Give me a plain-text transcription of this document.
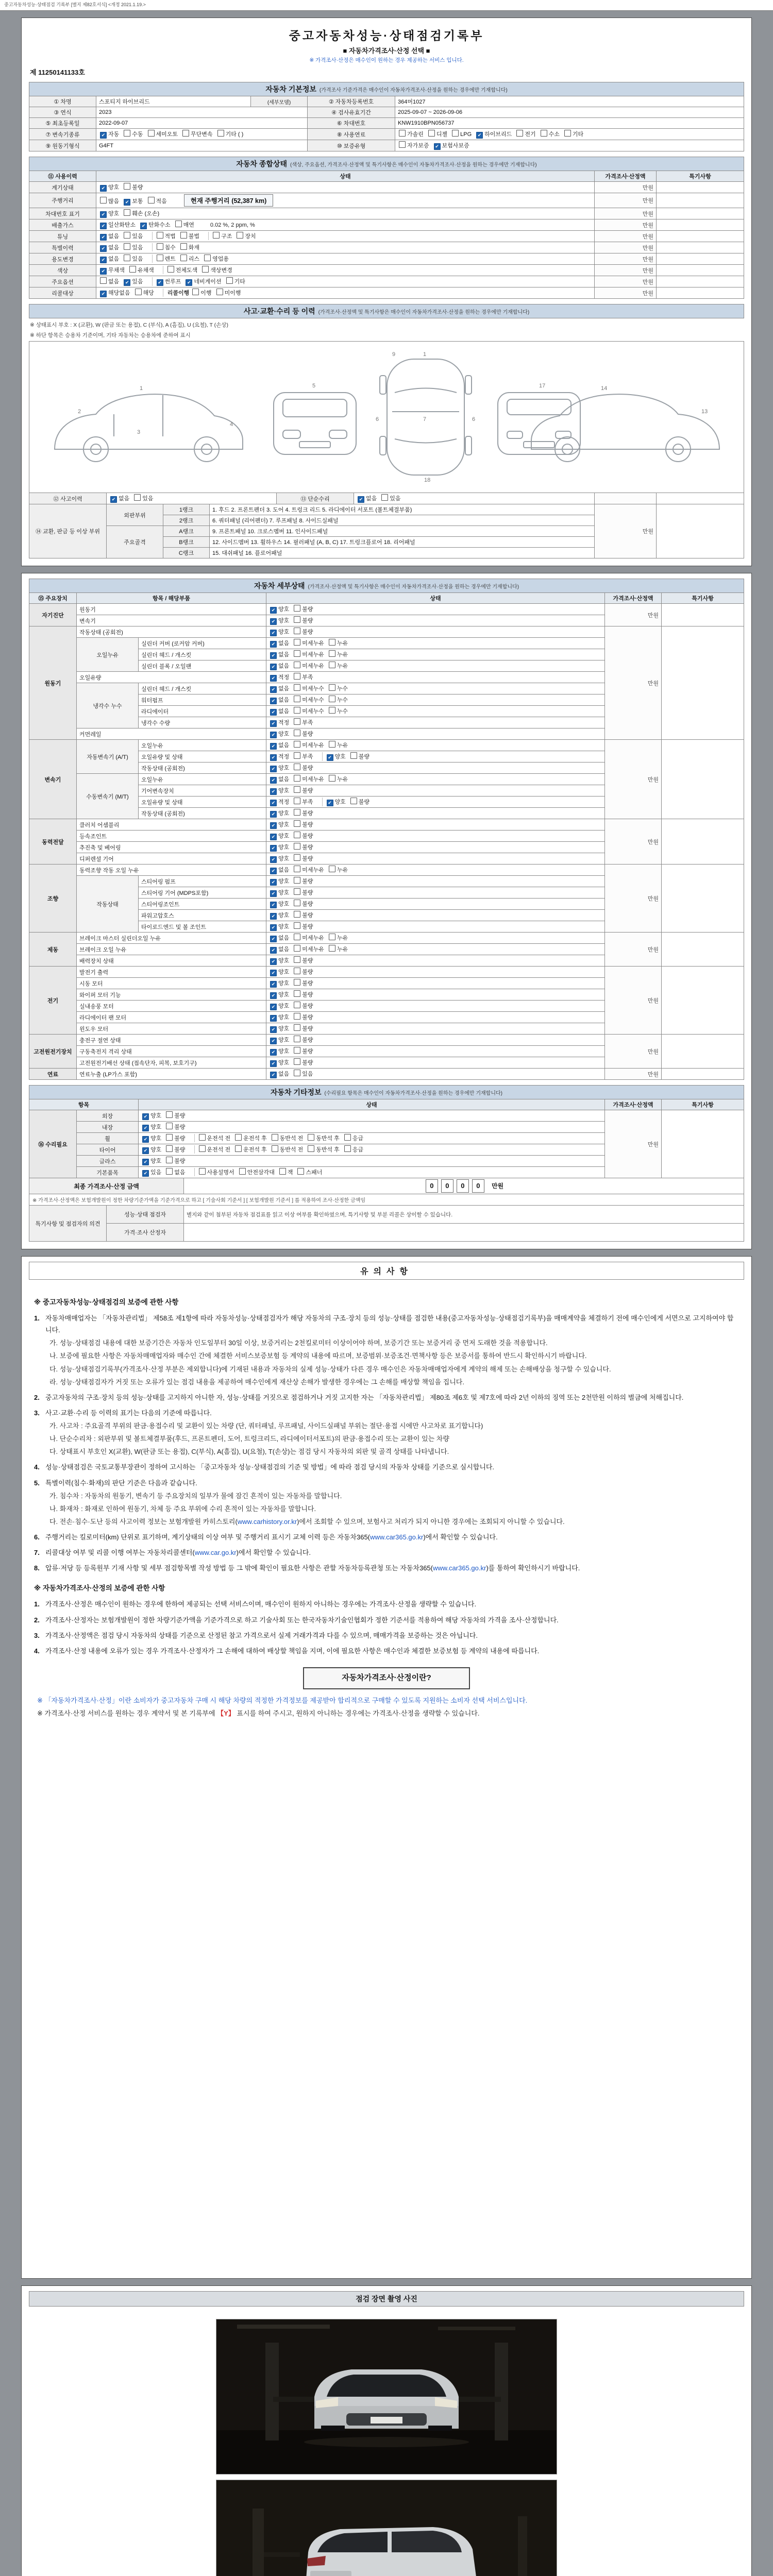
중고자동차성능·상태점검 기록부 [별지 제82호서식] <개정 2021.1.19.>
중고자동차성능·상태점검기록부
■ 자동차가격조사·산정 선택 ■
※ 가격조사·산정은 매수인이 원하는 경우 제공하는 서비스 입니다.
제 11250141133호
자동차 기본정보 (가격조사 기준가격은 매수인이 자동차가격조사·산정을 원하는 경우에만 기재합니다)
① 차명	스포티지 하이브리드	(세부모델)	② 자동차등록번호	364머1027
③ 연식	2023		④ 검사유효기간	2025-09-07 ~ 2026-09-06
⑤ 최초등록일	2022-09-07		⑥ 차대번호	KNW1910BPN056737
⑦ 변속기종류	✔ 자동 수동 세미오토 무단변속 기타 ( )		⑧ 사용연료	가솔린 디젤 LPG ✔ 하이브리드 전기 수소 기타
⑨ 원동기형식	G4FT		⑩ 보증유형	자가보증 ✔ 보험사보증
자동차 종합상태 (색상, 주요옵션, 가격조사·산정액 및 특기사항은 매수인이 자동차가격조사·산정을 원하는 경우에만 기재합니다)
⑪ 사용이력	상태	가격조사·산정액	특기사항
계기상태	✔ 양호 불량	만원	
주행거리	많음 ✔ 보통 적음 현재 주행거리 (52,387 km)	만원	
차대번호 표기	✔ 양호 훼손 (오손)	만원	
배출가스	✔ 일산화탄소 ✔ 탄화수소 매연 0.02 %, 2 ppm, %	만원	
튜닝	✔ 없음 있음 적법 불법 구조 장치	만원	
특별이력	✔ 없음 있음 침수 화재	만원	
용도변경	✔ 없음 있음 렌트 리스 영업용	만원	
색상	✔ 무채색 유채색 전체도색 색상변경	만원	
주요옵션	없음 ✔ 있음 ✔ 썬루프 ✔ 네비게이션 기타	만원	
리콜대상	✔ 해당없음 해당 리콜이행 이행 미이행	만원	
사고·교환·수리 등 이력 (가격조사·산정액 및 특기사항은 매수인이 자동차가격조사·산정을 원하는 경우에만 기재합니다)
※ 상태표시 부호 : X (교환), W (판금 또는 용접), C (부식), A (흠집), U (요철), T (손상)
※ 하단 항목은 승용차 기준이며, 기타 자동차는 승용차에 준하여 표시
1
2
3
4
5
9	1
7
6	6
18
17
13
14
⑫ 사고이력	✔ 없음 있음	⑬ 단순수리	✔ 없음 있음		
⑭ 교환, 판금 등 이상 부위	외판부위	1랭크	1. 후드 2. 프론트펜더 3. 도어 4. 트렁크 리드 5. 라디에이터 서포트 (볼트체결부품)	만원	
		2랭크	6. 쿼터패널 (리어펜더) 7. 루프패널 8. 사이드실패널		
	주요골격	A랭크	9. 프론트패널 10. 크로스멤버 11. 인사이드패널		
		B랭크	12. 사이드멤버 13. 휠하우스 14. 필러패널 (A, B, C) 17. 트렁크플로어 18. 리어패널		
		C랭크	15. 대쉬패널 16. 플로어패널		
자동차 세부상태 (가격조사·산정액 및 특기사항은 매수인이 자동차가격조사·산정을 원하는 경우에만 기재합니다)
⑮ 주요장치	항목 / 해당부품		상태	가격조사·산정액	특기사항
자기진단	원동기		✔ 양호 불량	만원	
	변속기		✔ 양호 불량		
원동기	작동상태 (공회전)		✔ 양호 불량	만원	
	오일누유	실린더 커버 (로커암 커버)	✔ 없음 미세누유 누유		
		실린더 헤드 / 개스킷	✔ 없음 미세누유 누유		
		실린더 블록 / 오일팬	✔ 없음 미세누유 누유		
	오일유량		✔ 적정 부족		
	냉각수 누수	실린더 헤드 / 개스킷	✔ 없음 미세누수 누수		
		워터펌프	✔ 없음 미세누수 누수		
		라디에이터	✔ 없음 미세누수 누수		
		냉각수 수량	✔ 적정 부족		
	커먼레일		✔ 양호 불량		
변속기	자동변속기 (A/T)	오일누유	✔ 없음 미세누유 누유	만원	
		오일유량 및 상태	✔ 적정 부족 ✔ 양호 불량		
		작동상태 (공회전)	✔ 양호 불량		
	수동변속기 (M/T)	오일누유	✔ 없음 미세누유 누유		
		기어변속장치	✔ 양호 불량		
		오일유량 및 상태	✔ 적정 부족 ✔ 양호 불량		
		작동상태 (공회전)	✔ 양호 불량		
동력전달	클러치 어셈블리		✔ 양호 불량	만원	
	등속조인트		✔ 양호 불량		
	추진축 및 베어링		✔ 양호 불량		
	디퍼렌셜 기어		✔ 양호 불량		
조향	동력조향 작동 오일 누유		✔ 없음 미세누유 누유	만원	
	작동상태	스티어링 펌프	✔ 양호 불량		
		스티어링 기어 (MDPS포함)	✔ 양호 불량		
		스티어링조인트	✔ 양호 불량		
		파워고압호스	✔ 양호 불량		
		타이로드엔드 및 볼 조인트	✔ 양호 불량		
제동	브레이크 마스터 실린더오일 누유		✔ 없음 미세누유 누유	만원	
	브레이크 오일 누유		✔ 없음 미세누유 누유		
	배력장치 상태		✔ 양호 불량		
전기	발전기 출력		✔ 양호 불량	만원	
	시동 모터		✔ 양호 불량		
	와이퍼 모터 기능		✔ 양호 불량		
	실내송풍 모터		✔ 양호 불량		
	라디에이터 팬 모터		✔ 양호 불량		
	윈도우 모터		✔ 양호 불량		
고전원전기장치	충전구 절연 상태		✔ 양호 불량	만원	
	구동축전지 격리 상태		✔ 양호 불량		
	고전원전기배선 상태 (접속단자, 피복, 보호기구)		✔ 양호 불량		
연료	연료누출 (LP가스 포함)		✔ 없음 있음	만원	
자동차 기타정보 (수리필요 항목은 매수인이 자동차가격조사·산정을 원하는 경우에만 기재합니다)
항목		상태	가격조사·산정액	특기사항
⑯ 수리필요	외장	✔ 양호 불량	만원	
	내장	✔ 양호 불량		
	휠	✔ 양호 불량 운전석 전 운전석 후 동반석 전 동반석 후 응급		
	타이어	✔ 양호 불량 운전석 전 운전석 후 동반석 전 동반석 후 응급		
	글라스	✔ 양호 불량		
	기본품목	✔ 있음 없음 사용설명서 안전삼각대 잭 스패너		
최종 가격조사·산정 금액	0 0 0 0 만원
※ 가격조사·산정액은 보험개발원이 정한 차량기준가액을 기준가격으로 하고 [ 기술사회 기준서 ] [ 보험개발원 기준서 ] 를 적용하여 조사·산정한 금액임
특기사항 및 점검자의 의견	성능·상태 점검자	별지와 같이 첨부된 자동차 점검표를 읽고 이상 여부를 확인하였으며, 특기사항 및 부분 리콜은 상이할 수 있습니다.
	가격·조사 산정자	
유의사항
※ 중고자동차성능·상태점검의 보증에 관한 사항
1. 자동차매매업자는 「자동차관리법」 제58조 제1항에 따라 자동차성능·상태점검자가 해당 자동차의 구조·장치 등의 성능·상태를 점검한 내용(중고자동차성능·상태점검기록부)을 매매계약을 체결하기 전에 매수인에게 서면으로 고지하여야 합니다.
가. 성능·상태점검 내용에 대한 보증기간은 자동차 인도일부터 30일 이상, 보증거리는 2천킬로미터 이상이어야 하며, 보증기간 또는 보증거리 중 먼저 도래한 것을 적용합니다.
나. 보증에 필요한 사항은 자동차매매업자와 매수인 간에 체결한 서비스보증보험 등 계약의 내용에 따르며, 보증범위·보증조건·면책사항 등은 보증서를 통하여 반드시 확인하시기 바랍니다.
다. 성능·상태점검기록부(가격조사·산정 부분은 제외합니다)에 기재된 내용과 자동차의 실제 성능·상태가 다른 경우 매수인은 자동차매매업자에게 계약의 해제 또는 손해배상을 청구할 수 있습니다.
라. 성능·상태점검자가 거짓 또는 오류가 있는 점검 내용을 제공하여 매수인에게 재산상 손해가 발생한 경우에는 그 손해를 배상할 책임을 집니다.
2. 중고자동차의 구조·장치 등의 성능·상태를 고지하지 아니한 자, 성능·상태를 거짓으로 점검하거나 거짓 고지한 자는 「자동차관리법」 제80조 제6호 및 제7호에 따라 2년 이하의 징역 또는 2천만원 이하의 벌금에 처해집니다.
3. 사고·교환·수리 등 이력의 표기는 다음의 기준에 따릅니다.
가. 사고차 : 주요골격 부위의 판금·용접수리 및 교환이 있는 차량 (단, 쿼터패널, 루프패널, 사이드실패널 부위는 절단·용접 시에만 사고차로 표기합니다)
나. 단순수리차 : 외판부위 및 볼트체결부품(후드, 프론트펜더, 도어, 트렁크리드, 라디에이터서포트)의 판금·용접수리 또는 교환이 있는 차량
다. 상태표시 부호인 X(교환), W(판금 또는 용접), C(부식), A(흠집), U(요철), T(손상)는 점검 당시 자동차의 외판 및 골격 상태를 나타냅니다.
4. 성능·상태점검은 국토교통부장관이 정하여 고시하는 「중고자동차 성능·상태점검의 기준 및 방법」에 따라 점검 당시의 자동차 상태를 기준으로 실시합니다.
5. 특별이력(침수·화재)의 판단 기준은 다음과 같습니다.
가. 침수차 : 자동차의 원동기, 변속기 등 주요장치의 일부가 물에 잠긴 흔적이 있는 자동차를 말합니다.
나. 화재차 : 화재로 인하여 원동기, 차체 등 주요 부위에 수리 흔적이 있는 자동차를 말합니다.
다. 전손·침수·도난 등의 사고이력 정보는 보험개발원 카히스토리(www.carhistory.or.kr)에서 조회할 수 있으며, 보험사고 처리가 되지 아니한 경우에는 조회되지 아니할 수 있습니다.
6. 주행거리는 킬로미터(km) 단위로 표기하며, 계기상태의 이상 여부 및 주행거리 표시기 교체 이력 등은 자동차365(www.car365.go.kr)에서 확인할 수 있습니다.
7. 리콜대상 여부 및 리콜 이행 여부는 자동차리콜센터(www.car.go.kr)에서 확인할 수 있습니다.
8. 압류·저당 등 등록원부 기재 사항 및 세부 점검항목별 작성 방법 등 그 밖에 확인이 필요한 사항은 관할 자동차등록관청 또는 자동차365(www.car365.go.kr)를 통하여 확인하시기 바랍니다.
※ 자동차가격조사·산정의 보증에 관한 사항
1. 가격조사·산정은 매수인이 원하는 경우에 한하여 제공되는 선택 서비스이며, 매수인이 원하지 아니하는 경우에는 가격조사·산정을 생략할 수 있습니다.
2. 가격조사·산정자는 보험개발원이 정한 차량기준가액을 기준가격으로 하고 기술사회 또는 한국자동차기술인협회가 정한 기준서를 적용하여 해당 자동차의 가격을 조사·산정합니다.
3. 가격조사·산정액은 점검 당시 자동차의 상태를 기준으로 산정된 참고 가격으로서 실제 거래가격과 다를 수 있으며, 매매가격을 보증하는 것은 아닙니다.
4. 가격조사·산정 내용에 오류가 있는 경우 가격조사·산정자가 그 손해에 대하여 배상할 책임을 지며, 이에 필요한 사항은 매수인과 체결한 보증보험 등 계약의 내용에 따릅니다.
자동차가격조사·산정이란?
※ 「자동차가격조사·산정」이란 소비자가 중고자동차 구매 시 해당 차량의 적정한 가격정보를 제공받아 합리적으로 구매할 수 있도록 지원하는 소비자 선택 서비스입니다.
※ 가격조사·산정 서비스를 원하는 경우 계약서 및 본 기록부에 【Y】 표시를 하여 주시고, 원하지 아니하는 경우에는 가격조사·산정을 생략할 수 있습니다.
점검 장면 촬영 사진
